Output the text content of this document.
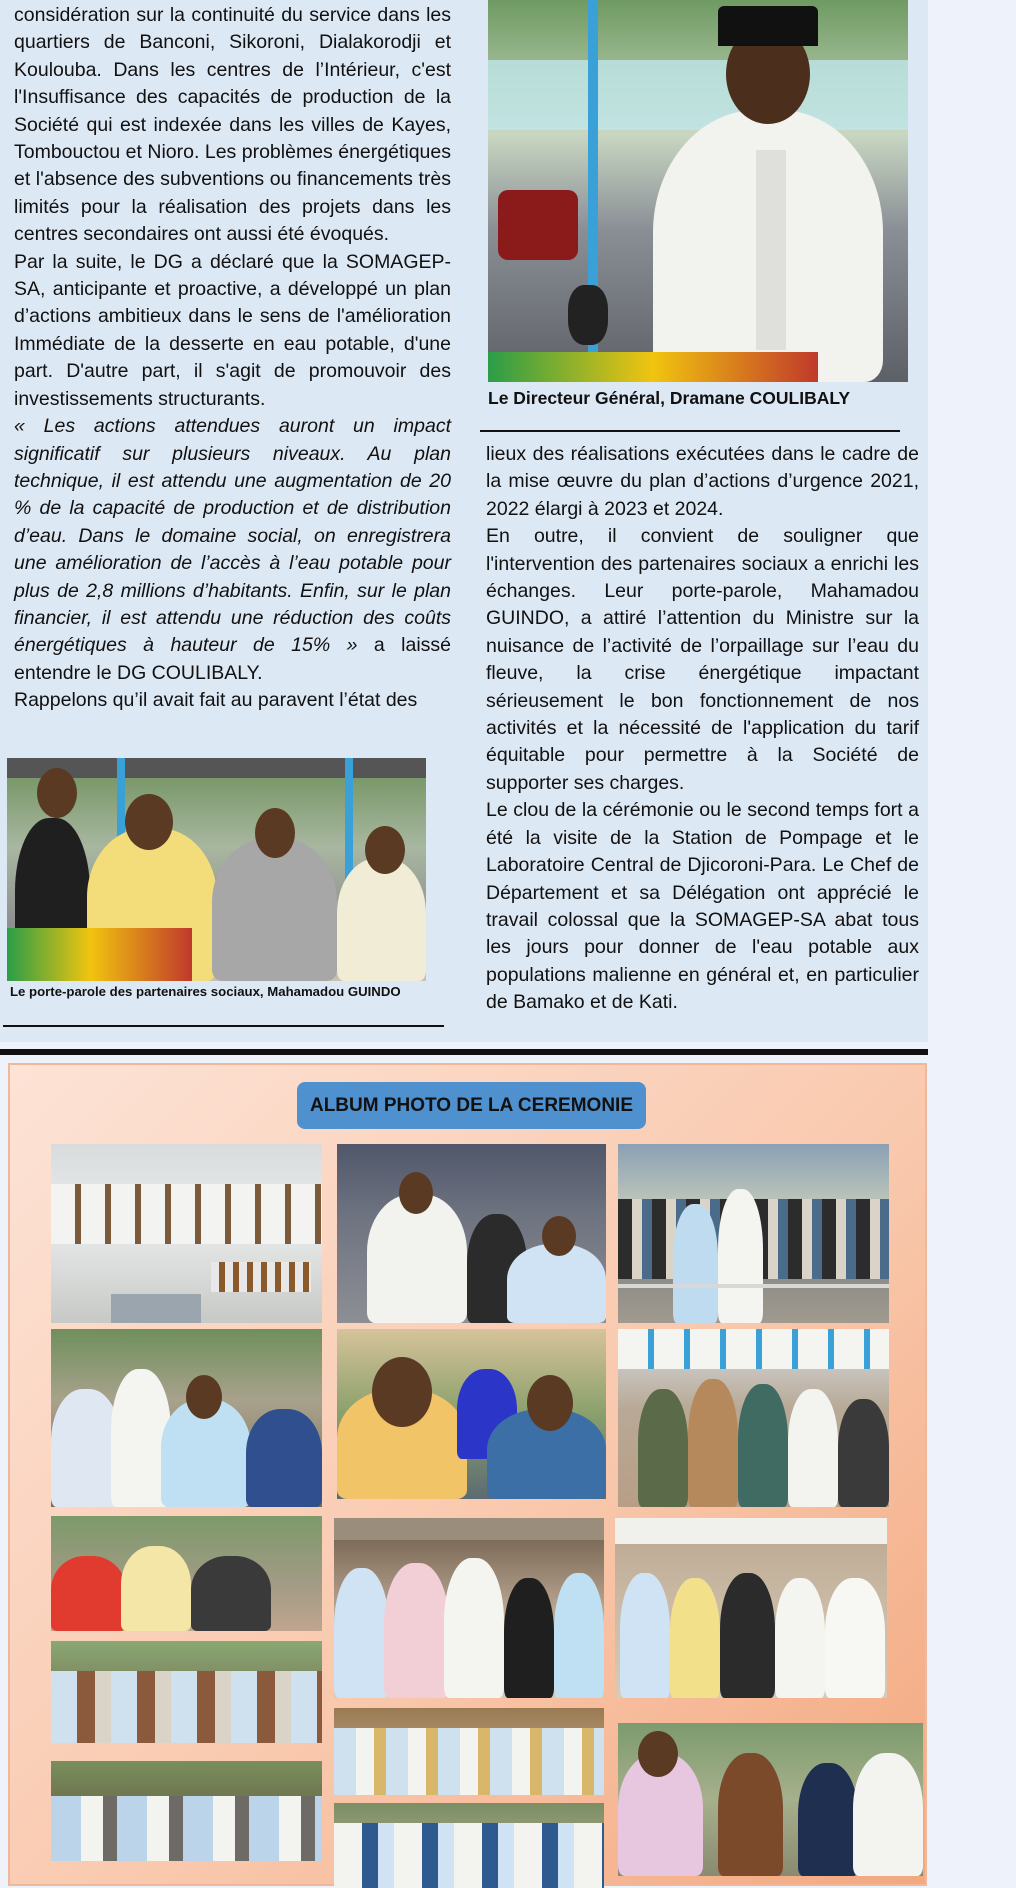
considération sur la continuité du service dans les quartiers de Banconi, Sikoroni, Dialakorodji et Koulouba. Dans les centres de l’Intérieur, c'est l'Insuffisance des capacités de production de la Société qui est indexée dans les villes de Kayes, Tombouctou et Nioro. Les problèmes énergétiques et l'absence des subventions ou financements très limités pour la réalisation des projets dans les centres secondaires ont aussi été évoqués.

Par la suite, le DG a déclaré que la SOMAGEP-SA, anticipante et proactive, a développé un plan d’actions ambitieux dans le sens de l'amélioration Immédiate de la desserte en eau potable, d'une part. D'autre part, il s'agit de promouvoir des investissements structurants.

« Les actions attendues auront un impact significatif sur plusieurs niveaux. Au plan technique, il est attendu une augmentation de 20 % de la capacité de production et de distribution d’eau. Dans le domaine social, on enregistrera une amélioration de l’accès à l’eau potable pour plus de 2,8 millions d’habitants. Enfin, sur le plan financier, il est attendu une réduction des coûts énergétiques à hauteur de 15% » a laissé entendre le DG COULIBALY.

Rappelons qu’il avait fait au paravent l’état des

lieux des réalisations exécutées dans le cadre de la mise œuvre du plan d’actions d’urgence 2021, 2022 élargi à 2023 et 2024.

En outre, il convient de souligner que l'intervention des partenaires sociaux a enrichi les échanges. Leur porte-parole, Mahamadou GUINDO, a attiré l’attention du Ministre sur la nuisance de l’activité de l’orpaillage sur l’eau du fleuve, la crise énergétique impactant sérieusement le bon fonctionnement de nos activités et la nécessité de l'application du tarif équitable pour permettre à la Société de supporter ses charges.

Le clou de la cérémonie ou le second temps fort a été la visite de la Station de Pompage et le Laboratoire Central de Djicoroni-Para. Le Chef de Département et sa Délégation ont apprécié le travail colossal que la SOMAGEP-SA abat tous les jours pour donner de l'eau potable aux populations malienne en général et, en particulier de Bamako et de Kati.

Le Directeur Général, Dramane COULIBALY
Le porte-parole des partenaires sociaux, Mahamadou GUINDO
ALBUM PHOTO DE LA CEREMONIE
